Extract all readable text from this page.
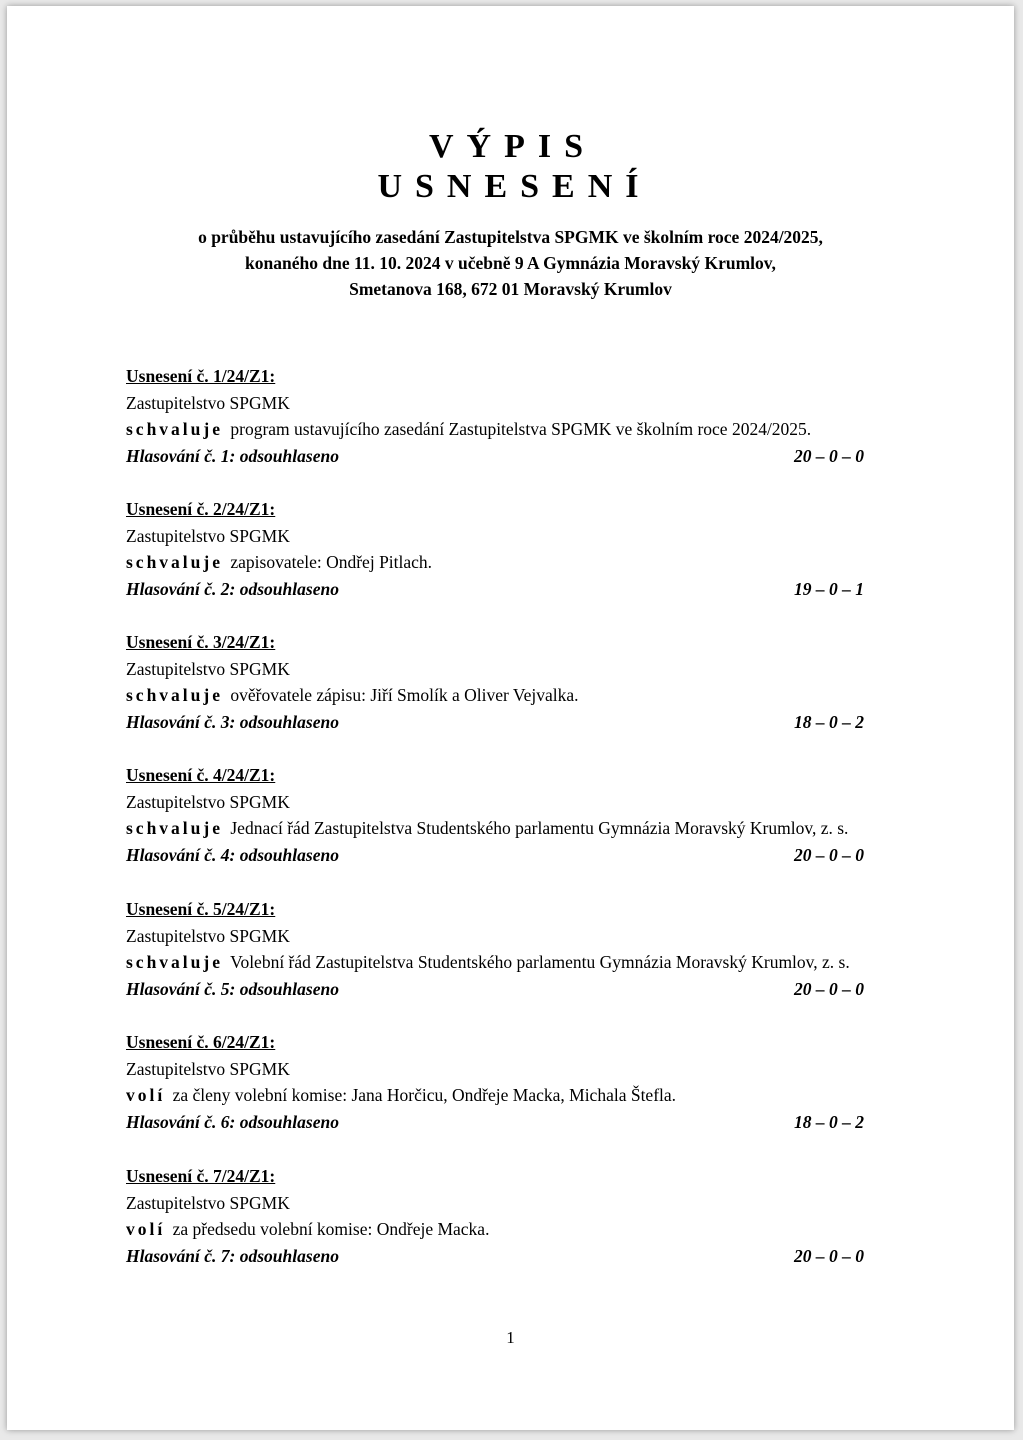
VÝPIS
USNESENÍ
o průběhu ustavujícího zasedání Zastupitelstva SPGMK ve školním roce 2024/2025,
konaného dne 11. 10. 2024 v učebně 9 A Gymnázia Moravský Krumlov,
Smetanova 168, 672 01 Moravský Krumlov
Usnesení č. 1/24/Z1:
Zastupitelstvo SPGMK
schvaluje program ustavujícího zasedání Zastupitelstva SPGMK ve školním roce 2024/2025.
Hlasování č. 1: odsouhlaseno	20 – 0 – 0
Usnesení č. 2/24/Z1:
Zastupitelstvo SPGMK
schvaluje zapisovatele: Ondřej Pitlach.
Hlasování č. 2: odsouhlaseno	19 – 0 – 1
Usnesení č. 3/24/Z1:
Zastupitelstvo SPGMK
schvaluje ověřovatele zápisu: Jiří Smolík a Oliver Vejvalka.
Hlasování č. 3: odsouhlaseno	18 – 0 – 2
Usnesení č. 4/24/Z1:
Zastupitelstvo SPGMK
schvaluje Jednací řád Zastupitelstva Studentského parlamentu Gymnázia Moravský Krumlov, z. s.
Hlasování č. 4: odsouhlaseno	20 – 0 – 0
Usnesení č. 5/24/Z1:
Zastupitelstvo SPGMK
schvaluje Volební řád Zastupitelstva Studentského parlamentu Gymnázia Moravský Krumlov, z. s.
Hlasování č. 5: odsouhlaseno	20 – 0 – 0
Usnesení č. 6/24/Z1:
Zastupitelstvo SPGMK
volí za členy volební komise: Jana Horčicu, Ondřeje Macka, Michala Štefla.
Hlasování č. 6: odsouhlaseno	18 – 0 – 2
Usnesení č. 7/24/Z1:
Zastupitelstvo SPGMK
volí za předsedu volební komise: Ondřeje Macka.
Hlasování č. 7: odsouhlaseno	20 – 0 – 0
1
